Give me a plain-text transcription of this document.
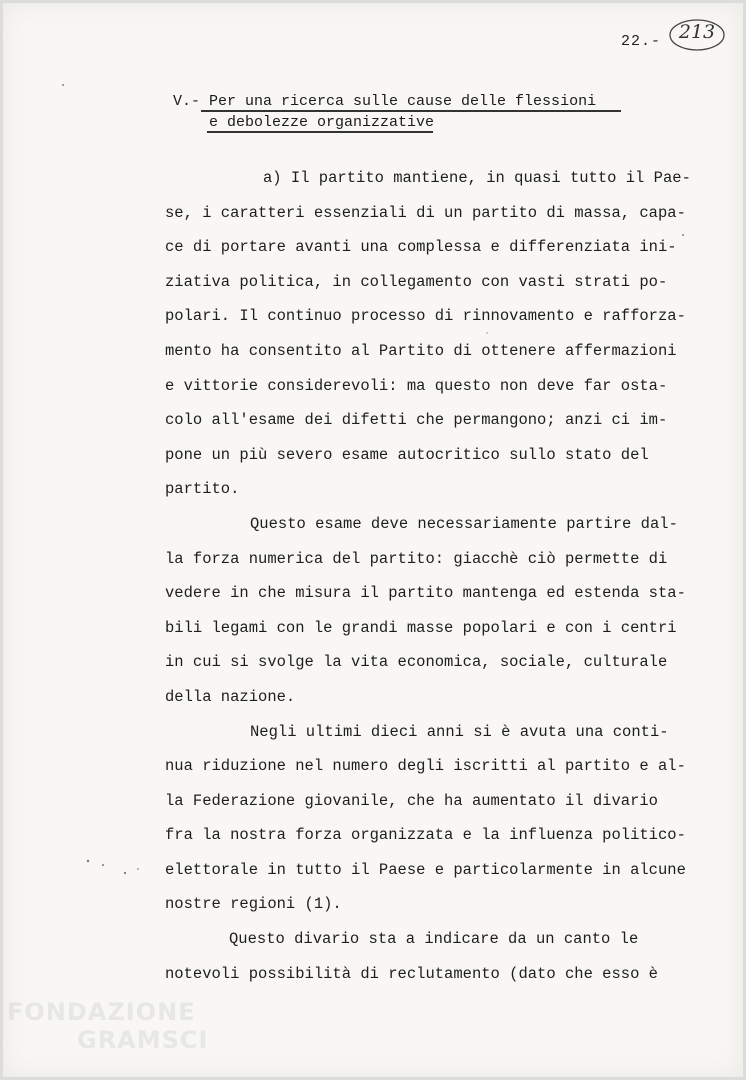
22.- 213
V.- Per una ricerca sulle cause delle flessioni
e debolezze organizzative
a) Il partito mantiene, in quasi tutto il Pae-
se, i caratteri essenziali di un partito di massa, capa-
ce di portare avanti una complessa e differenziata ini-
ziativa politica, in collegamento con vasti strati po-
polari. Il continuo processo di rinnovamento e rafforza-
mento ha consentito al Partito di ottenere affermazioni
e vittorie considerevoli: ma questo non deve far osta-
colo all'esame dei difetti che permangono; anzi ci im-
pone un più severo esame autocritico sullo stato del
partito.
Questo esame deve necessariamente partire dal-
la forza numerica del partito: giacchè ciò permette di
vedere in che misura il partito mantenga ed estenda sta-
bili legami con le grandi masse popolari e con i centri
in cui si svolge la vita economica, sociale, culturale
della nazione.
Negli ultimi dieci anni si è avuta una conti-
nua riduzione nel numero degli iscritti al partito e al-
la Federazione giovanile, che ha aumentato il divario
fra la nostra forza organizzata e la influenza politico-
elettorale in tutto il Paese e particolarmente in alcune
nostre regioni (1).
Questo divario sta a indicare da un canto le
notevoli possibilità di reclutamento (dato che esso è
FONDAZIONE
GRAMSCI
